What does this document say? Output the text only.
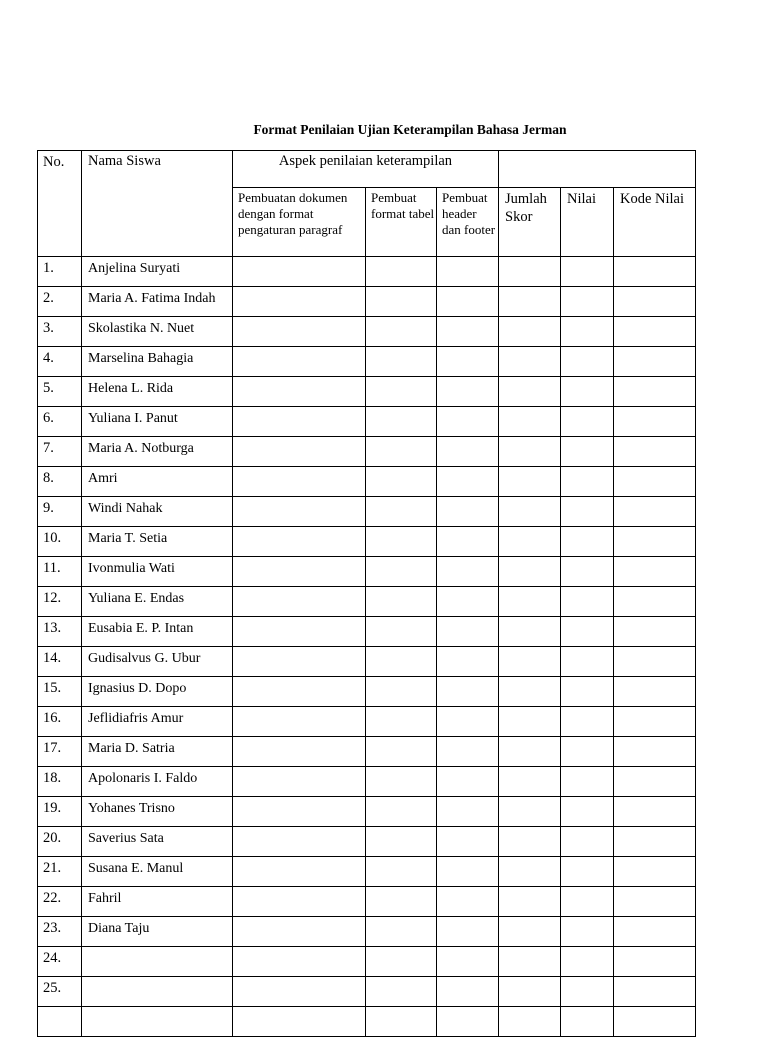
Format Penilaian Ujian Keterampilan Bahasa Jerman
No.	Nama Siswa	Aspek penilaian keterampilan					
		Pembuatan dokumen dengan format pengaturan paragraf	Pembuat format tabel	Pembuat header dan footer	Jumlah Skor	Nilai	Kode Nilai
1.	Anjelina Suryati						
2.	Maria A. Fatima Indah						
3.	Skolastika N. Nuet						
4.	Marselina Bahagia						
5.	Helena L. Rida						
6.	Yuliana I. Panut						
7.	Maria A. Notburga						
8.	Amri						
9.	Windi Nahak						
10.	Maria T. Setia						
11.	Ivonmulia Wati						
12.	Yuliana E. Endas						
13.	Eusabia E. P. Intan						
14.	Gudisalvus G. Ubur						
15.	Ignasius D. Dopo						
16.	Jeflidiafris Amur						
17.	Maria D. Satria						
18.	Apolonaris I. Faldo						
19.	Yohanes Trisno						
20.	Saverius Sata						
21.	Susana E. Manul						
22.	Fahril						
23.	Diana Taju						
24.							
25.							
